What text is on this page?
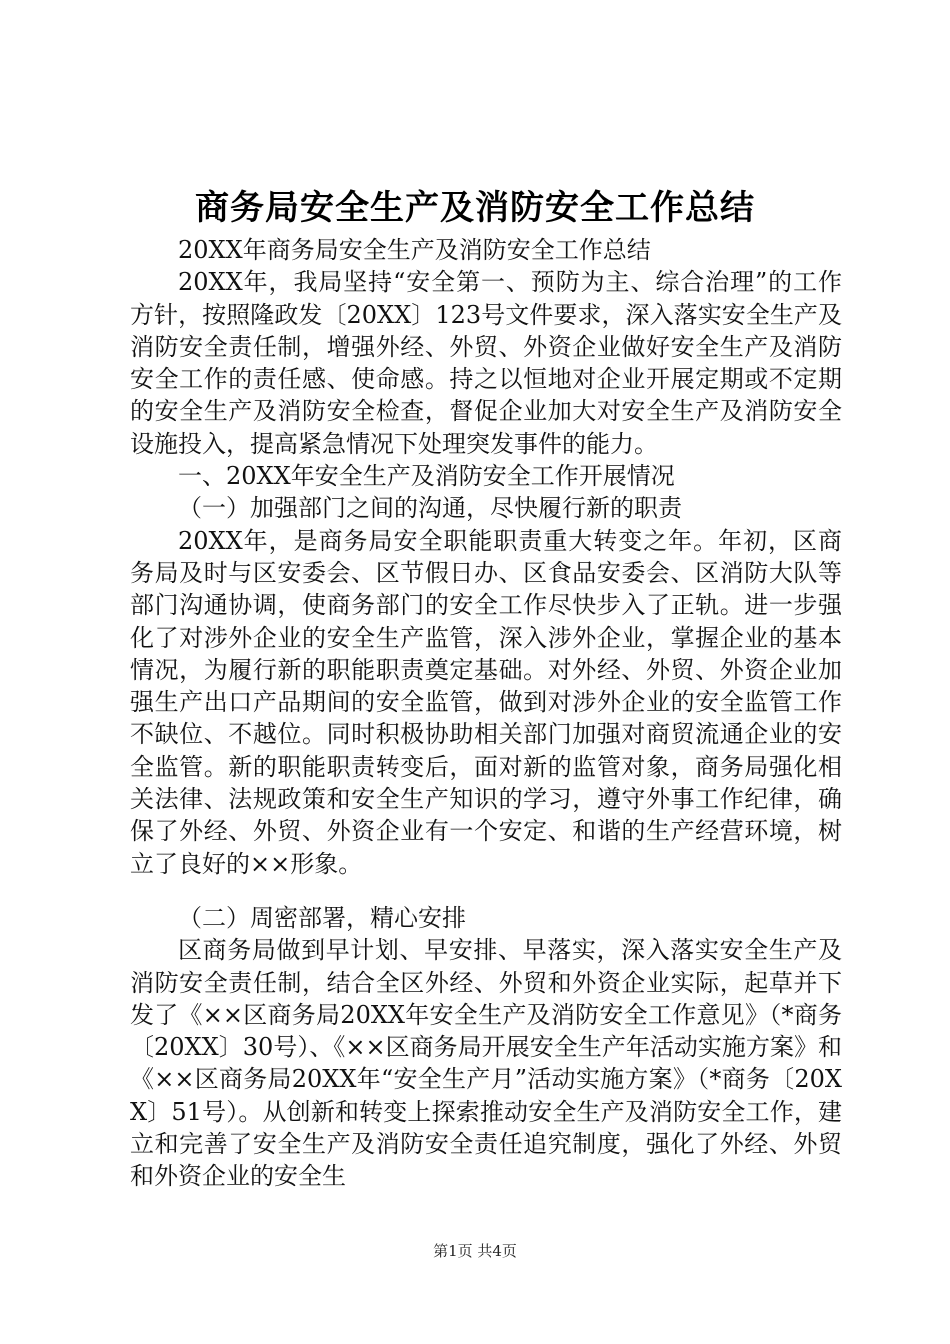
商务局安全生产及消防安全工作总结

20XX年商务局安全生产及消防安全工作总结

20XX年，我局坚持“安全第一、预防为主、综合治理”的工作方针，按照隆政发〔20XX〕123号文件要求，深入落实安全生产及消防安全责任制，增强外经、外贸、外资企业做好安全生产及消防安全工作的责任感、使命感。持之以恒地对企业开展定期或不定期的安全生产及消防安全检查，督促企业加大对安全生产及消防安全设施投入，提高紧急情况下处理突发事件的能力。

一、20XX年安全生产及消防安全工作开展情况

（一）加强部门之间的沟通，尽快履行新的职责

20XX年，是商务局安全职能职责重大转变之年。年初，区商务局及时与区安委会、区节假日办、区食品安委会、区消防大队等部门沟通协调，使商务部门的安全工作尽快步入了正轨。进一步强化了对涉外企业的安全生产监管，深入涉外企业，掌握企业的基本情况，为履行新的职能职责奠定基础。对外经、外贸、外资企业加强生产出口产品期间的安全监管，做到对涉外企业的安全监管工作不缺位、不越位。同时积极协助相关部门加强对商贸流通企业的安全监管。新的职能职责转变后，面对新的监管对象，商务局强化相关法律、法规政策和安全生产知识的学习，遵守外事工作纪律，确保了外经、外贸、外资企业有一个安定、和谐的生产经营环境，树立了良好的××形象。

（二）周密部署，精心安排

区商务局做到早计划、早安排、早落实，深入落实安全生产及消防安全责任制，结合全区外经、外贸和外资企业实际，起草并下发了《××区商务局20XX年安全生产及消防安全工作意见》（*商务〔20XX〕30号）、《××区商务局开展安全生产年活动实施方案》和《××区商务局20XX年“安全生产月”活动实施方案》（*商务〔20XX〕51号）。从创新和转变上探索推动安全生产及消防安全工作，建立和完善了安全生产及消防安全责任追究制度，强化了外经、外贸和外资企业的安全生

第1页 共4页
